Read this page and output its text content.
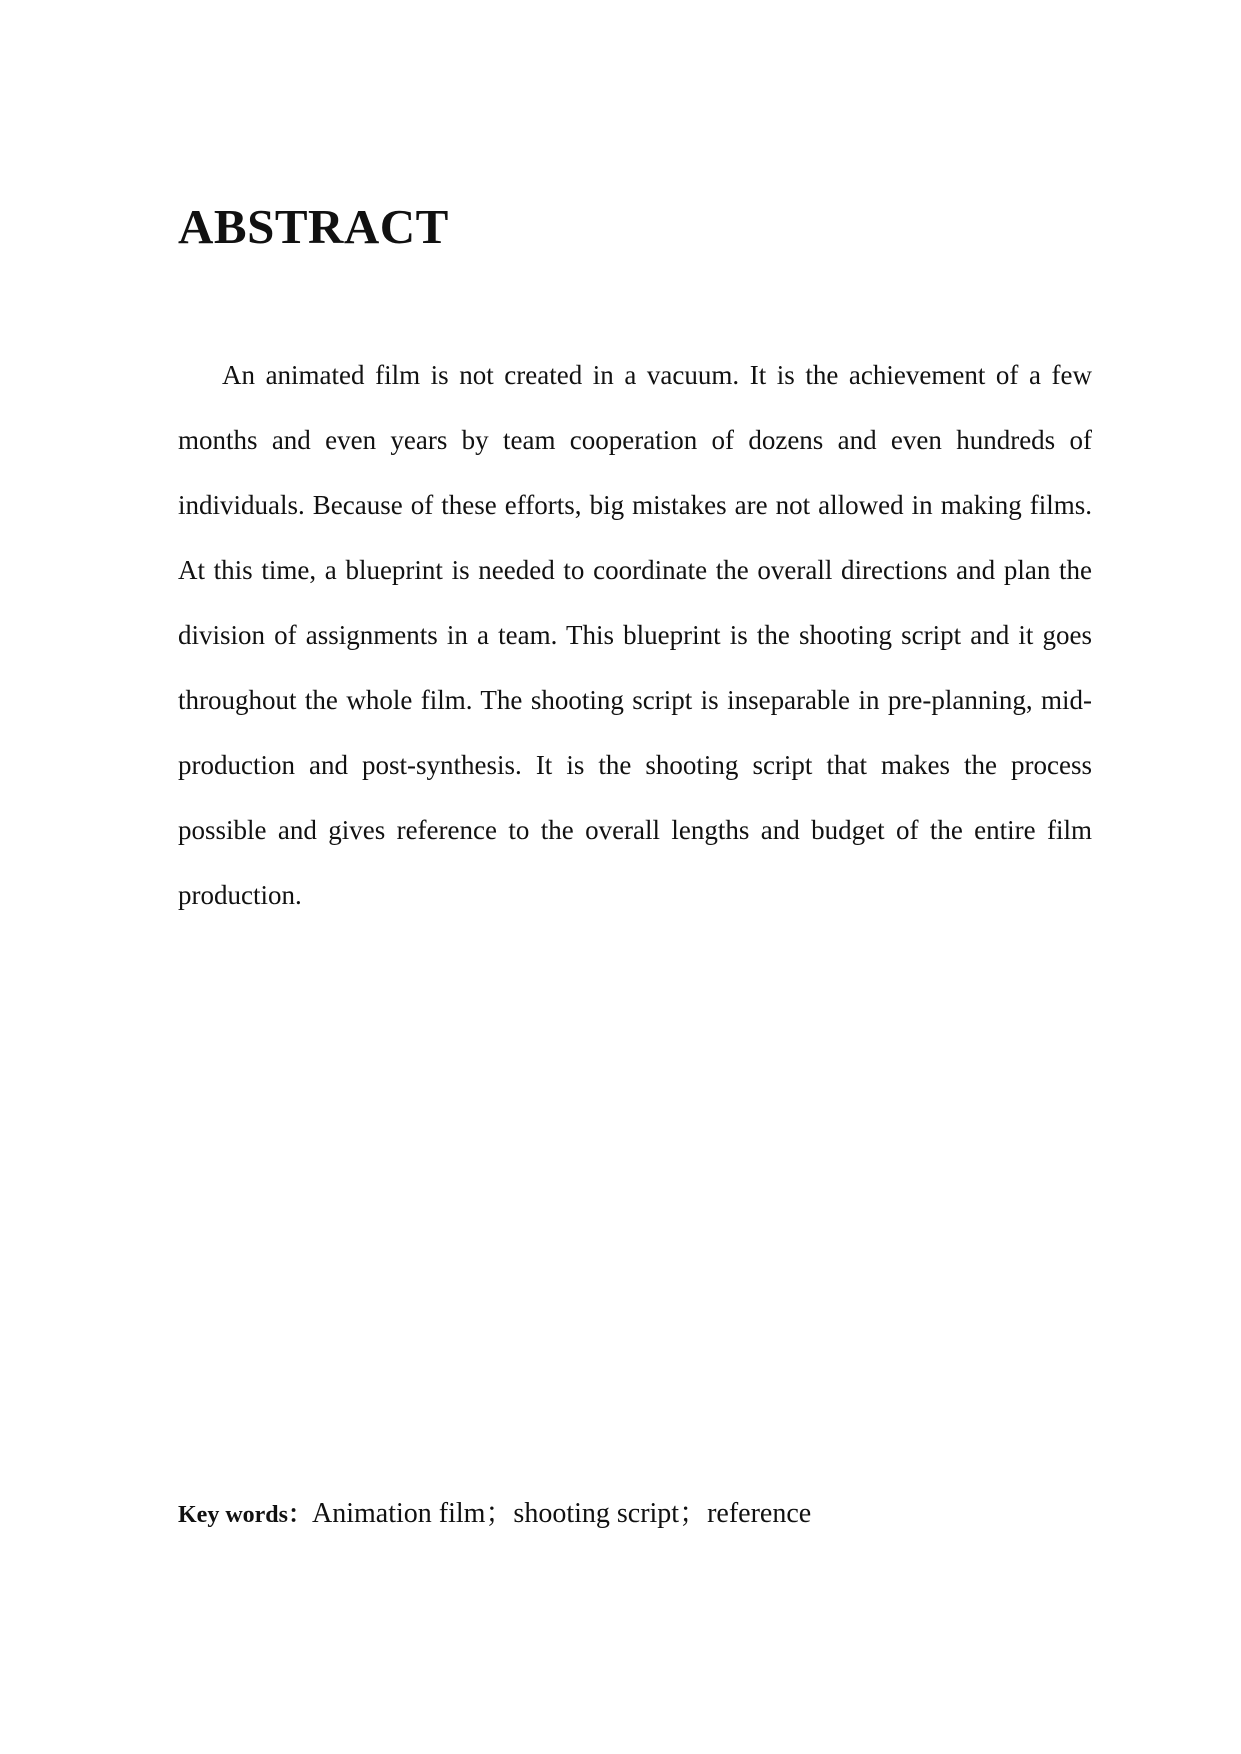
ABSTRACT

An animated film is not created in a vacuum. It is the achievement of a few months and even years by team cooperation of dozens and even hundreds of individuals. Because of these efforts, big mistakes are not allowed in making films. At this time, a blueprint is needed to coordinate the overall directions and plan the division of assignments in a team. This blueprint is the shooting script and it goes throughout the whole film. The shooting script is inseparable in pre-planning, mid-production and post-synthesis. It is the shooting script that makes the process possible and gives reference to the overall lengths and budget of the entire film production.

Key words：Animation film；shooting script；reference
